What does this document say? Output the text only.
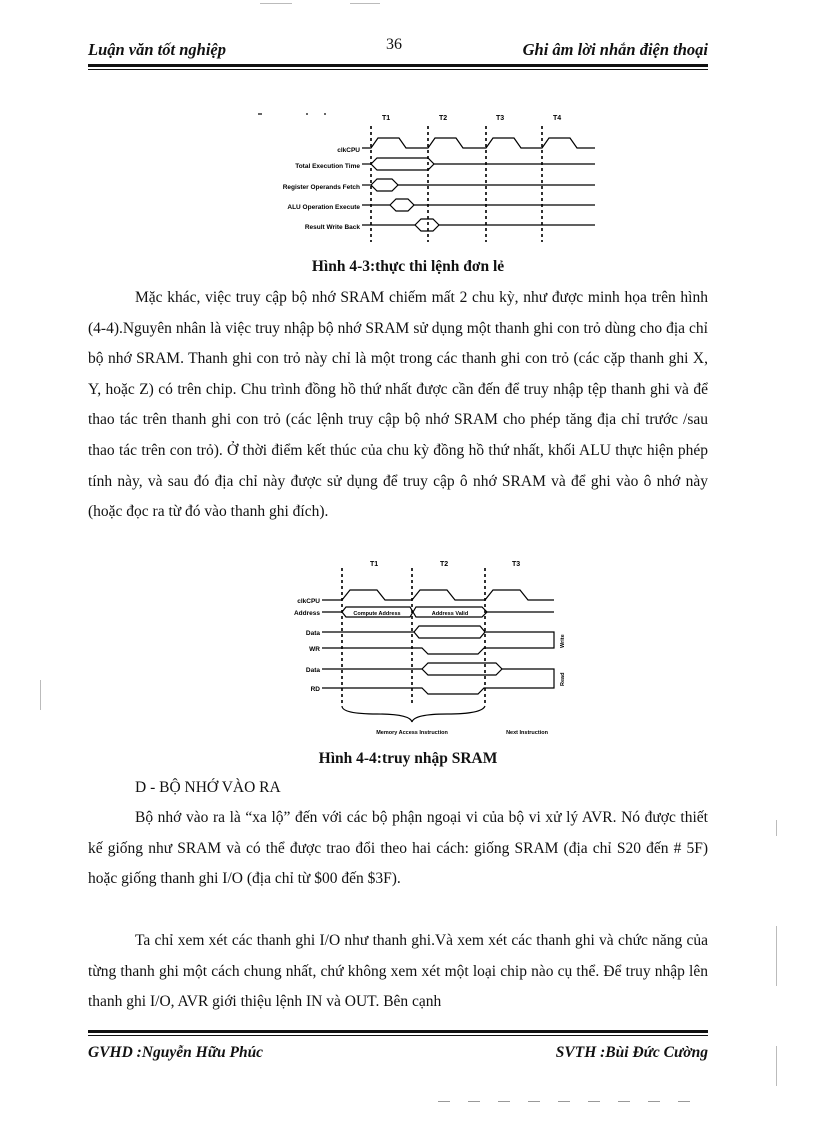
Luận văn tốt nghiệp	36	Ghi âm lời nhắn điện thoại
T1	T2	T3	T4
clkCPU
Total Execution Time
Register Operands Fetch
ALU Operation Execute
Result Write Back
Hình 4-3:thực thi lệnh đơn lẻ
Mặc khác, việc truy cập bộ nhớ SRAM chiếm mất 2 chu kỳ, như được minh họa trên hình (4-4).Nguyên nhân là việc truy nhập bộ nhớ SRAM sử dụng một thanh ghi con trỏ dùng cho địa chỉ bộ nhớ SRAM. Thanh ghi con trỏ này chỉ là một trong các thanh ghi con trỏ (các cặp thanh ghi X, Y, hoặc Z) có trên chip. Chu trình đồng hồ thứ nhất được cần đến để truy nhập tệp thanh ghi và để thao tác trên thanh ghi con trỏ (các lệnh truy cập bộ nhớ SRAM cho phép tăng địa chỉ trước /sau thao tác trên con trỏ). Ở thời điểm kết thúc của chu kỳ đồng hồ thứ nhất, khối ALU thực hiện phép tính này, và sau đó địa chỉ này được sử dụng để truy cập ô nhớ SRAM và để ghi vào ô nhớ này (hoặc đọc ra từ đó vào thanh ghi đích).
T1	T2	T3
clkCPU
Address
Data
WR
Data
RD
Compute Address	Address Valid
Memory Access Instruction	Next Instruction
Write
Read
Hình 4-4:truy nhập SRAM
D - BỘ NHỚ VÀO RA
Bộ nhớ vào ra là “xa lộ” đến với các bộ phận ngoại vi của bộ vi xử lý AVR. Nó được thiết kế giống như SRAM và có thể được trao đổi theo hai cách: giống SRAM (địa chỉ S20 đến # 5F) hoặc giống thanh ghi I/O (địa chỉ từ $00 đến $3F).
Ta chỉ xem xét các thanh ghi I/O như thanh ghi.Và xem xét các thanh ghi và chức năng của từng thanh ghi một cách chung nhất, chứ không xem xét một loại chip nào cụ thể. Để truy nhập lên thanh ghi I/O, AVR giới thiệu lệnh IN và OUT. Bên cạnh
GVHD :Nguyễn Hữu Phúc	SVTH :Bùi Đức Cường
